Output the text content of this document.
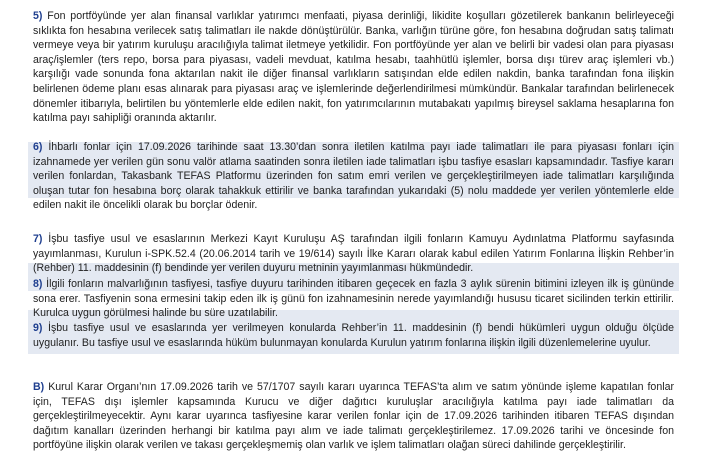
5) Fon portföyünde yer alan finansal varlıklar yatırımcı menfaati, piyasa derinliği, likidite koşulları gözetilerek bankanın belirleyeceği sıklıkta fon hesabına verilecek satış talimatları ile nakde dönüştürülür. Banka, varlığın türüne göre, fon hesabına doğrudan satış talimatı vermeye veya bir yatırım kuruluşu aracılığıyla talimat iletmeye yetkilidir. Fon portföyünde yer alan ve belirli bir vadesi olan para piyasası araç/işlemler (ters repo, borsa para piyasası, vadeli mevduat, katılma hesabı, taahhütlü işlemler, borsa dışı türev araç işlemleri vb.) karşılığı vade sonunda fona aktarılan nakit ile diğer finansal varlıkların satışından elde edilen nakdin, banka tarafından fona ilişkin belirlenen ödeme planı esas alınarak para piyasası araç ve işlemlerinde değerlendirilmesi mümkündür. Bankalar tarafından belirlenecek dönemler itibarıyla, belirtilen bu yöntemlerle elde edilen nakit, fon yatırımcılarının mutabakatı yapılmış bireysel saklama hesaplarına fon katılma payı sahipliği oranında aktarılır.
6) İhbarlı fonlar için 17.09.2026 tarihinde saat 13.30’dan sonra iletilen katılma payı iade talimatları ile para piyasası fonları için izahnamede yer verilen gün sonu valör atlama saatinden sonra iletilen iade talimatları işbu tasfiye esasları kapsamındadır. Tasfiye kararı verilen fonlardan, Takasbank TEFAS Platformu üzerinden fon satım emri verilen ve gerçekleştirilmeyen iade talimatları karşılığında oluşan tutar fon hesabına borç olarak tahakkuk ettirilir ve banka tarafından yukarıdaki (5) nolu maddede yer verilen yöntemlerle elde edilen nakit ile öncelikli olarak bu borçlar ödenir.
7) İşbu tasfiye usul ve esaslarının Merkezi Kayıt Kuruluşu AŞ tarafından ilgili fonların Kamuyu Aydınlatma Platformu sayfasında yayımlanması, Kurulun i-SPK.52.4 (20.06.2014 tarih ve 19/614) sayılı İlke Kararı olarak kabul edilen Yatırım Fonlarına İlişkin Rehber’in (Rehber) 11. maddesinin (f) bendinde yer verilen duyuru metninin yayımlanması hükmündedir.
8) İlgili fonların malvarlığının tasfiyesi, tasfiye duyuru tarihinden itibaren geçecek en fazla 3 aylık sürenin bitimini izleyen ilk iş gününde sona erer. Tasfiyenin sona ermesini takip eden ilk iş günü fon izahnamesinin nerede yayımlandığı hususu ticaret sicilinden terkin ettirilir. Kurulca uygun görülmesi halinde bu süre uzatılabilir.
9) İşbu tasfiye usul ve esaslarında yer verilmeyen konularda Rehber’in 11. maddesinin (f) bendi hükümleri uygun olduğu ölçüde uygulanır. Bu tasfiye usul ve esaslarında hüküm bulunmayan konularda Kurulun yatırım fonlarına ilişkin ilgili düzenlemelerine uyulur.
B) Kurul Karar Organı’nın 17.09.2026 tarih ve 57/1707 sayılı kararı uyarınca TEFAS’ta alım ve satım yönünde işleme kapatılan fonlar için, TEFAS dışı işlemler kapsamında Kurucu ve diğer dağıtıcı kuruluşlar aracılığıyla katılma payı iade talimatları da gerçekleştirilmeyecektir. Aynı karar uyarınca tasfiyesine karar verilen fonlar için de 17.09.2026 tarihinden itibaren TEFAS dışından dağıtım kanalları üzerinden herhangi bir katılma payı alım ve iade talimatı gerçekleştirilemez. 17.09.2026 tarihi ve öncesinde fon portföyüne ilişkin olarak verilen ve takası gerçekleşmemiş olan varlık ve işlem talimatları olağan süreci dahilinde gerçekleştirilir.
